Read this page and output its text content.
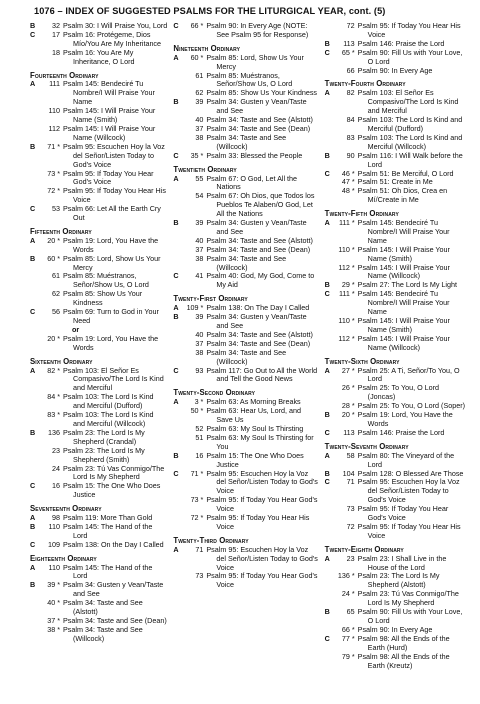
1076 – INDEX OF SUGGESTED PSALMS FOR THE LITURGICAL YEAR, cont. (5)
B	32 Psalm 30: I Will Praise You, Lord
C	17 Psalm 16: Protégeme, Dios Mío/You Are My Inheritance
18 Psalm 16: You Are My Inheritance, O Lord
Fourteenth Ordinary
A	111 Psalm 145: Bendeciré Tu Nombre/I Will Praise Your Name
110 Psalm 145: I Will Praise Your Name (Smith)
112 Psalm 145: I Will Praise Your Name (Willcock)
B	71 * Psalm 95: Escuchen Hoy la Voz del Señor/Listen Today to God's Voice
73 * Psalm 95: If Today You Hear God's Voice
72 * Psalm 95: If Today You Hear His Voice
C	53 Psalm 66: Let All the Earth Cry Out
Fifteenth Ordinary
A	20 * Psalm 19: Lord, You Have the Words
B	60 * Psalm 85: Lord, Show Us Your Mercy
61 Psalm 85: Muéstranos, Señor/Show Us, O Lord
62 Psalm 85: Show Us Your Kindness
C	56 Psalm 69: Turn to God in Your Need
or
20 * Psalm 19: Lord, You Have the Words
Sixteenth Ordinary
A	82 * Psalm 103: El Señor Es Compasivo/The Lord Is Kind and Merciful
84 * Psalm 103: The Lord Is Kind and Merciful (Dufford)
83 * Psalm 103: The Lord Is Kind and Merciful (Willcock)
B	136 Psalm 23: The Lord Is My Shepherd (Crandal)
23 Psalm 23: The Lord Is My Shepherd (Smith)
24 Psalm 23: Tú Vas Conmigo/The Lord Is My Shepherd
C	16 Psalm 15: The One Who Does Justice
Seventeenth Ordinary
A	98 Psalm 119: More Than Gold
B	110 Psalm 145: The Hand of the Lord
C	109 Psalm 138: On the Day I Called
Eighteenth Ordinary
A	110 Psalm 145: The Hand of the Lord
B	39 * Psalm 34: Gusten y Vean/Taste and See
40 * Psalm 34: Taste and See (Alstott)
37 * Psalm 34: Taste and See (Dean)
38 * Psalm 34: Taste and See (Willcock)
C	66 * Psalm 90: In Every Age (NOTE: See Psalm 95 for Response)
Nineteenth Ordinary
A	60 * Psalm 85: Lord, Show Us Your Mercy
61 Psalm 85: Muéstranos, Señor/Show Us, O Lord
62 Psalm 85: Show Us Your Kindness
B	39 Psalm 34: Gusten y Vean/Taste and See
40 Psalm 34: Taste and See (Alstott)
37 Psalm 34: Taste and See (Dean)
38 Psalm 34: Taste and See (Willcock)
C	35 * Psalm 33: Blessed the People
Twentieth Ordinary
A	55 Psalm 67: O God, Let All the Nations
54 Psalm 67: Oh Dios, que Todos los Pueblos Te Alaben/O God, Let All the Nations
B	39 Psalm 34: Gusten y Vean/Taste and See
40 Psalm 34: Taste and See (Alstott)
37 Psalm 34: Taste and See (Dean)
38 Psalm 34: Taste and See (Willcock)
C	41 Psalm 40: God, My God, Come to My Aid
Twenty-First Ordinary
A	109 * Psalm 138: On The Day I Called
B	39 Psalm 34: Gusten y Vean/Taste and See
40 Psalm 34: Taste and See (Alstott)
37 Psalm 34: Taste and See (Dean)
38 Psalm 34: Taste and See (Willcock)
C	93 Psalm 117: Go Out to All the World and Tell the Good News
Twenty-Second Ordinary
A	3 * Psalm 63: As Morning Breaks
50 * Psalm 63: Hear Us, Lord, and Save Us
52 Psalm 63: My Soul Is Thirsting
51 Psalm 63: My Soul Is Thirsting for You
B	16 Psalm 15: The One Who Does Justice
C	71 * Psalm 95: Escuchen Hoy la Voz del Señor/Listen Today to God's Voice
73 * Psalm 95: If Today You Hear God's Voice
72 * Psalm 95: If Today You Hear His Voice
Twenty-Third Ordinary
A	71 Psalm 95: Escuchen Hoy la Voz del Señor/Listen Today to God's Voice
73 Psalm 95: If Today You Hear God's Voice
72 Psalm 95: If Today You Hear His Voice
B	113 Psalm 146: Praise the Lord
C	65 * Psalm 90: Fill Us with Your Love, O Lord
66 Psalm 90: In Every Age
Twenty-Fourth Ordinary
A	82 Psalm 103: El Señor Es Compasivo/The Lord Is Kind and Merciful
84 Psalm 103: The Lord Is Kind and Merciful (Dufford)
83 Psalm 103: The Lord Is Kind and Merciful (Willcock)
B	90 Psalm 116: I Will Walk before the Lord
C	46 * Psalm 51: Be Merciful, O Lord
47 * Psalm 51: Create in Me
48 * Psalm 51: Oh Dios, Crea en Mí/Create in Me
Twenty-Fifth Ordinary
A	111 * Psalm 145: Bendeciré Tu Nombre/I Will Praise Your Name
110 * Psalm 145: I Will Praise Your Name (Smith)
112 * Psalm 145: I Will Praise Your Name (Willcock)
B	29 * Psalm 27: The Lord Is My Light
C	111 * Psalm 145: Bendeciré Tu Nombre/I Will Praise Your Name
110 * Psalm 145: I Will Praise Your Name (Smith)
112 * Psalm 145: I Will Praise Your Name (Willcock)
Twenty-Sixth Ordinary
A	27 * Psalm 25: A Ti, Señor/To You, O Lord
26 * Psalm 25: To You, O Lord (Joncas)
28 * Psalm 25: To You, O Lord (Soper)
B	20 * Psalm 19: Lord, You Have the Words
C	113 Psalm 146: Praise the Lord
Twenty-Seventh Ordinary
A	58 Psalm 80: The Vineyard of the Lord
B	104 Psalm 128: O Blessed Are Those
C	71 Psalm 95: Escuchen Hoy la Voz del Señor/Listen Today to God's Voice
73 Psalm 95: If Today You Hear God's Voice
72 Psalm 95: If Today You Hear His Voice
Twenty-Eighth Ordinary
A	23 Psalm 23: I Shall Live in the House of the Lord
136 * Psalm 23: The Lord Is My Shepherd (Alstott)
24 * Psalm 23: Tú Vas Conmigo/The Lord Is My Shepherd
B	65 Psalm 90: Fill Us with Your Love, O Lord
66 * Psalm 90: In Every Age
C	77 * Psalm 98: All the Ends of the Earth (Hurd)
79 * Psalm 98: All the Ends of the Earth (Kreutz)
